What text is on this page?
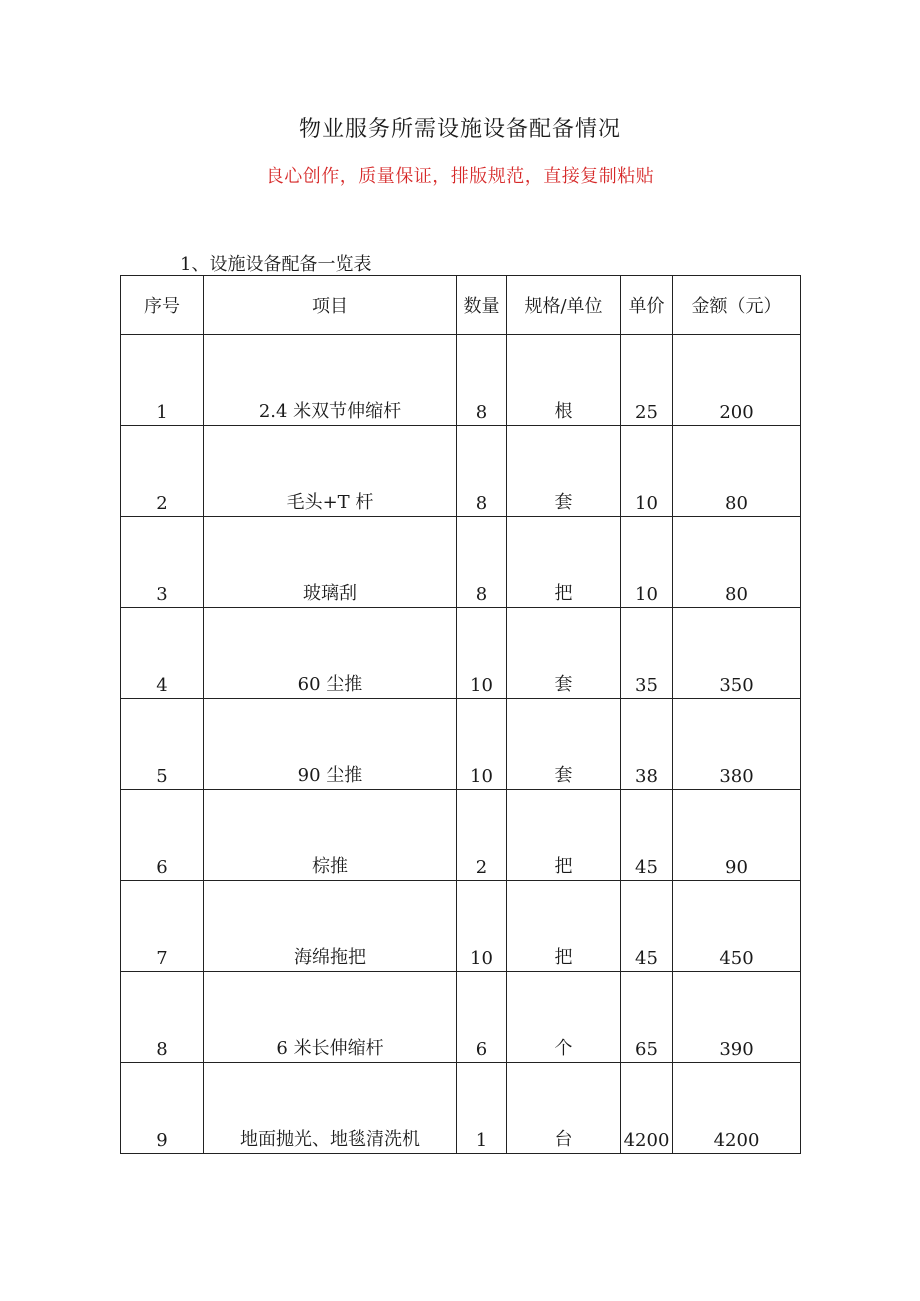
物业服务所需设施设备配备情况
良心创作，质量保证，排版规范，直接复制粘贴
1、设施设备配备一览表
序号	项目	数量	规格/单位	单价	金额（元）
1	2.4 米双节伸缩杆	8	根	25	200
2	毛头+T 杆	8	套	10	80
3	玻璃刮	8	把	10	80
4	60 尘推	10	套	35	350
5	90 尘推	10	套	38	380
6	棕推	2	把	45	90
7	海绵拖把	10	把	45	450
8	6 米长伸缩杆	6	个	65	390
9	地面抛光、地毯清洗机	1	台	4200	4200
